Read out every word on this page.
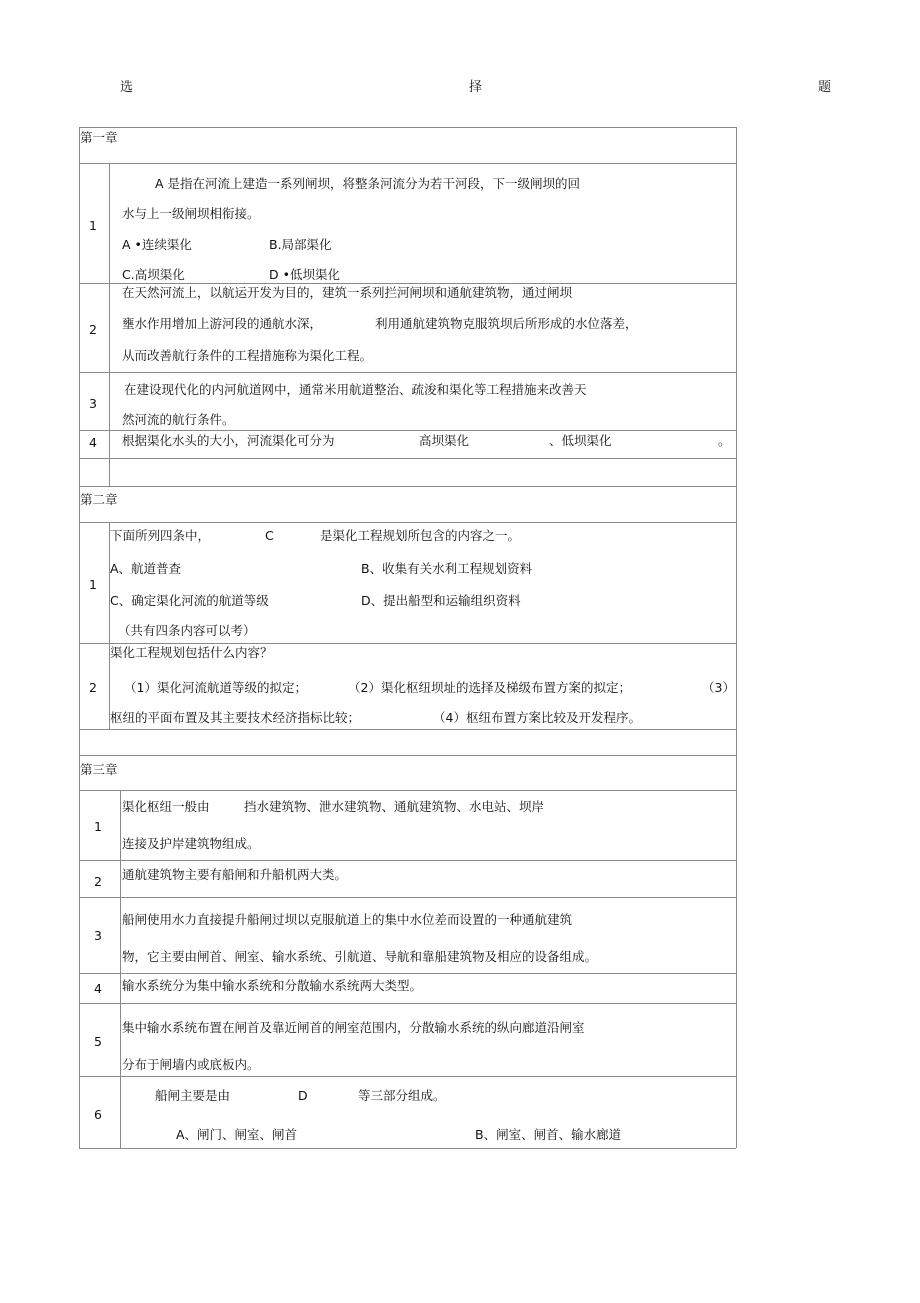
选	择	题
第一章
1
A 是指在河流上建造一系列闸坝，将整条河流分为若干河段，下一级闸坝的回
水与上一级闸坝相衔接。
A •连续渠化	B.局部渠化
C.高坝渠化	D •低坝渠化
2
在天然河流上，以航运开发为目的，建筑一系列拦河闸坝和通航建筑物，通过闸坝
壅水作用增加上游河段的通航水深，	利用通航建筑物克服筑坝后所形成的水位落差，
从而改善航行条件的工程措施称为渠化工程。
3
在建设现代化的内河航道网中，通常米用航道整治、疏浚和渠化等工程措施来改善天
然河流的航行条件。
4	根据渠化水头的大小，河流渠化可分为	高坝渠化	、低坝渠化	。
第二章
1
下面所列四条中，	C	是渠化工程规划所包含的内容之一。
A、航道普查	B、收集有关水利工程规划资料
C、确定渠化河流的航道等级	D、提出船型和运输组织资料
（共有四条内容可以考）
2
渠化工程规划包括什么内容？
（1）渠化河流航道等级的拟定；	（2）渠化枢纽坝址的选择及梯级布置方案的拟定；	（3）
枢纽的平面布置及其主要技术经济指标比较；	（4）枢纽布置方案比较及开发程序。
第三章
1
渠化枢纽一般由	挡水建筑物、泄水建筑物、通航建筑物、水电站、坝岸
连接及护岸建筑物组成。
2	通航建筑物主要有船闸和升船机两大类。
3
船闸使用水力直接提升船闸过坝以克服航道上的集中水位差而设置的一种通航建筑
物，它主要由闸首、闸室、输水系统、引航道、导航和靠船建筑物及相应的设备组成。
4	输水系统分为集中输水系统和分散输水系统两大类型。
5
集中输水系统布置在闸首及靠近闸首的闸室范围内，分散输水系统的纵向廊道沿闸室
分布于闸墙内或底板内。
6
船闸主要是由	D	等三部分组成。
A、闸门、闸室、闸首	B、闸室、闸首、输水廊道
